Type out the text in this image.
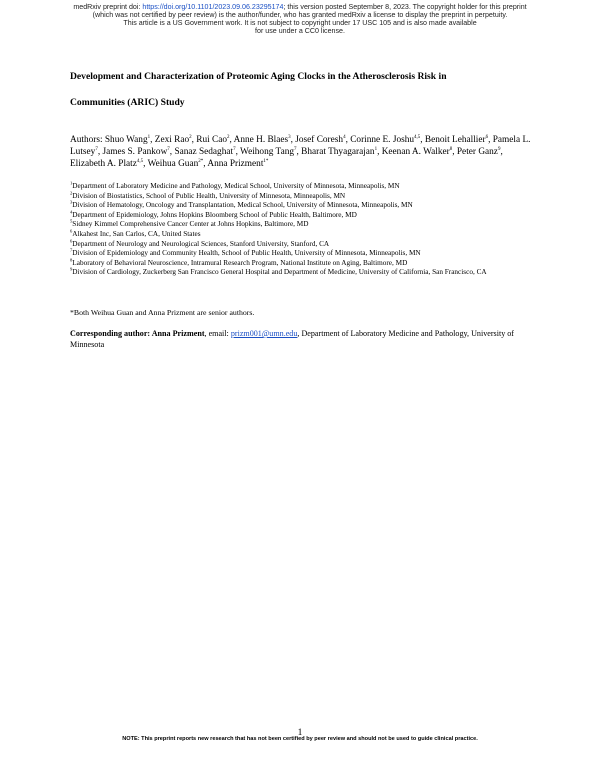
medRxiv preprint doi: https://doi.org/10.1101/2023.09.06.23295174; this version posted September 8, 2023. The copyright holder for this preprint
(which was not certified by peer review) is the author/funder, who has granted medRxiv a license to display the preprint in perpetuity.
This article is a US Government work. It is not subject to copyright under 17 USC 105 and is also made available
for use under a CC0 license.
Development and Characterization of Proteomic Aging Clocks in the Atherosclerosis Risk in
Communities (ARIC) Study
Authors: Shuo Wang$^1$, Zexi Rao$^2$, Rui Cao$^2$, Anne H. Blaes$^3$, Josef Coresh$^4$, Corinne E. Joshu$^{4,5}$, Benoit Lehallier$^6$, Pamela L. Lutsey$^7$, James S. Pankow$^7$, Sanaz Sedaghat$^7$, Weihong Tang$^7$, Bharat Thyagarajan$^1$, Keenan A. Walker$^8$, Peter Ganz$^9$, Elizabeth A. Platz$^{4,5}$, Weihua Guan$^{2*}$, Anna Prizment$^{1*}$
$^1$Department of Laboratory Medicine and Pathology, Medical School, University of Minnesota, Minneapolis, MN
$^2$Division of Biostatistics, School of Public Health, University of Minnesota, Minneapolis, MN
$^3$Division of Hematology, Oncology and Transplantation, Medical School, University of Minnesota, Minneapolis, MN
$^4$Department of Epidemiology, Johns Hopkins Bloomberg School of Public Health, Baltimore, MD
$^5$Sidney Kimmel Comprehensive Cancer Center at Johns Hopkins, Baltimore, MD
$^6$Alkahest Inc, San Carlos, CA, United States
$^6$Department of Neurology and Neurological Sciences, Stanford University, Stanford, CA
$^7$Division of Epidemiology and Community Health, School of Public Health, University of Minnesota, Minneapolis, MN
$^8$Laboratory of Behavioral Neuroscience, Intramural Research Program, National Institute on Aging, Baltimore, MD
$^9$Division of Cardiology, Zuckerberg San Francisco General Hospital and Department of Medicine, University of California, San Francisco, CA
*Both Weihua Guan and Anna Prizment are senior authors.
Corresponding author: Anna Prizment, email: prizm001@umn.edu, Department of Laboratory Medicine and Pathology, University of Minnesota
1
NOTE: This preprint reports new research that has not been certified by peer review and should not be used to guide clinical practice.
